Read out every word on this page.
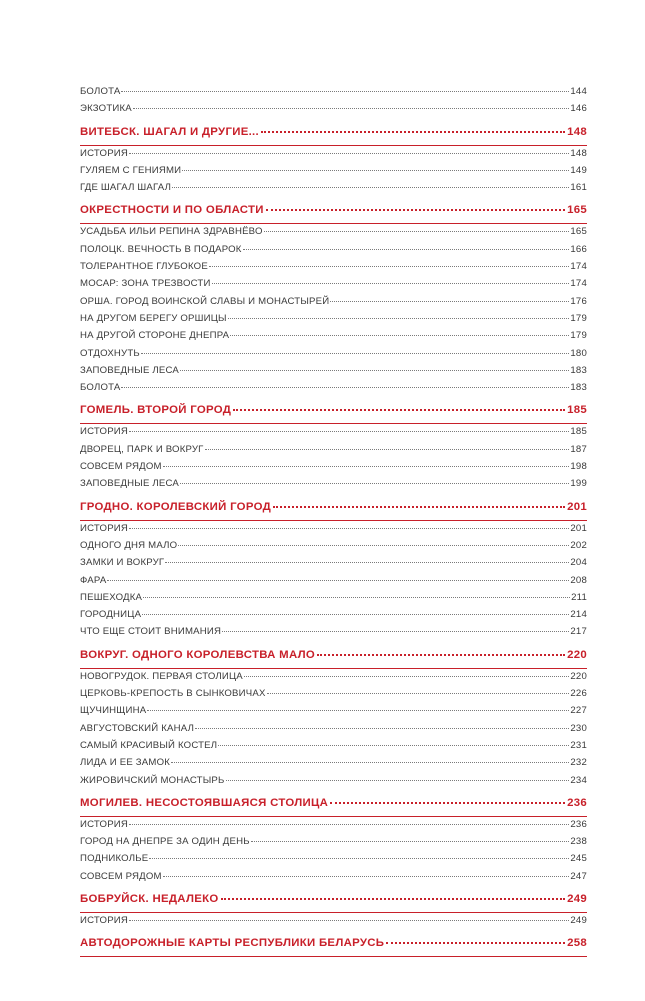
БОЛОТА	144
ЭКЗОТИКА	146
ВИТЕБСК. ШАГАЛ И ДРУГИЕ...	148
ИСТОРИЯ	148
ГУЛЯЕМ С ГЕНИЯМИ	149
ГДЕ ШАГАЛ ШАГАЛ	161
ОКРЕСТНОСТИ И ПО ОБЛАСТИ	165
УСАДЬБА ИЛЬИ РЕПИНА ЗДРАВНЁВО	165
ПОЛОЦК. ВЕЧНОСТЬ В ПОДАРОК	166
ТОЛЕРАНТНОЕ ГЛУБОКОЕ	174
МОСАР: ЗОНА ТРЕЗВОСТИ	174
ОРША. ГОРОД ВОИНСКОЙ СЛАВЫ И МОНАСТЫРЕЙ	176
НА ДРУГОМ БЕРЕГУ ОРШИЦЫ	179
НА ДРУГОЙ СТОРОНЕ ДНЕПРА	179
ОТДОХНУТЬ	180
ЗАПОВЕДНЫЕ ЛЕСА	183
БОЛОТА	183
ГОМЕЛЬ. ВТОРОЙ ГОРОД	185
ИСТОРИЯ	185
ДВОРЕЦ, ПАРК И ВОКРУГ	187
СОВСЕМ РЯДОМ	198
ЗАПОВЕДНЫЕ ЛЕСА	199
ГРОДНО. КОРОЛЕВСКИЙ ГОРОД	201
ИСТОРИЯ	201
ОДНОГО ДНЯ МАЛО	202
ЗАМКИ И ВОКРУГ	204
ФАРА	208
ПЕШЕХОДКА	211
ГОРОДНИЦА	214
ЧТО ЕЩЕ СТОИТ ВНИМАНИЯ	217
ВОКРУГ. ОДНОГО КОРОЛЕВСТВА МАЛО	220
НОВОГРУДОК. ПЕРВАЯ СТОЛИЦА	220
ЦЕРКОВЬ-КРЕПОСТЬ В СЫНКОВИЧАХ	226
ЩУЧИНЩИНА	227
АВГУСТОВСКИЙ КАНАЛ	230
САМЫЙ КРАСИВЫЙ КОСТЕЛ	231
ЛИДА И ЕЕ ЗАМОК	232
ЖИРОВИЧСКИЙ МОНАСТЫРЬ	234
МОГИЛЕВ. НЕСОСТОЯВШАЯСЯ СТОЛИЦА	236
ИСТОРИЯ	236
ГОРОД НА ДНЕПРЕ ЗА ОДИН ДЕНЬ	238
ПОДНИКОЛЬЕ	245
СОВСЕМ РЯДОМ	247
БОБРУЙСК. НЕДАЛЕКО	249
ИСТОРИЯ	249
АВТОДОРОЖНЫЕ КАРТЫ РЕСПУБЛИКИ БЕЛАРУСЬ	258
